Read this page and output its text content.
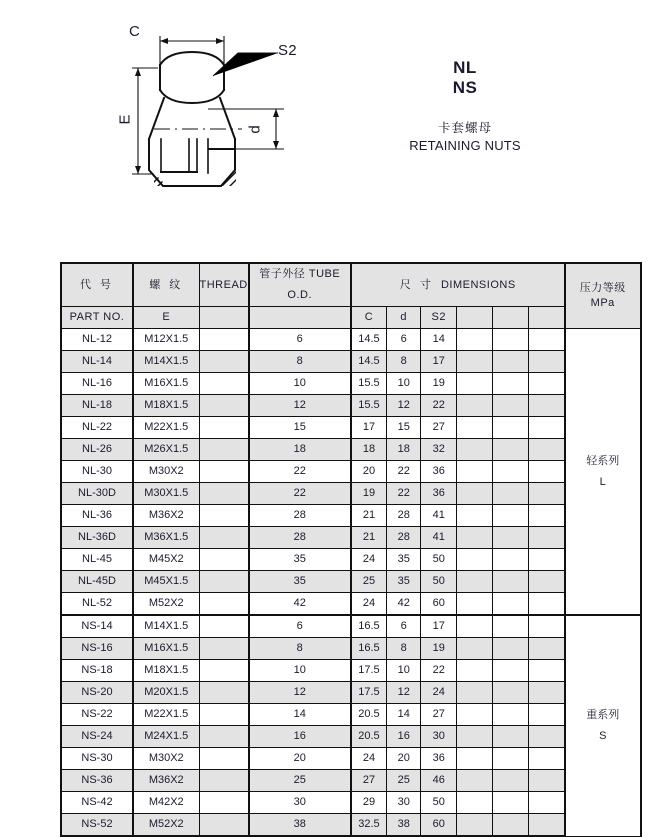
C
S2
E
d
NL
NS
卡套螺母
RETAINING NUTS
代 号	螺 纹	THREAD	管子外径 TUBE O.D.	尺 寸 DIMENSIONS						压力等级
MPa

PART NO.	E			C	d	S2				
NL-12	M12X1.5		6	14.5	6	14				轻系列
L

NL-14	M14X1.5		8	14.5	8	17				
NL-16	M16X1.5		10	15.5	10	19				
NL-18	M18X1.5		12	15.5	12	22				
NL-22	M22X1.5		15	17	15	27				
NL-26	M26X1.5		18	18	18	32				
NL-30	M30X2		22	20	22	36				
NL-30D	M30X1.5		22	19	22	36				
NL-36	M36X2		28	21	28	41				
NL-36D	M36X1.5		28	21	28	41				
NL-45	M45X2		35	24	35	50				
NL-45D	M45X1.5		35	25	35	50				
NL-52	M52X2		42	24	42	60				
NS-14	M14X1.5		6	16.5	6	17				重系列
S

NS-16	M16X1.5		8	16.5	8	19				
NS-18	M18X1.5		10	17.5	10	22				
NS-20	M20X1.5		12	17.5	12	24				
NS-22	M22X1.5		14	20.5	14	27				
NS-24	M24X1.5		16	20.5	16	30				
NS-30	M30X2		20	24	20	36				
NS-36	M36X2		25	27	25	46				
NS-42	M42X2		30	29	30	50				
NS-52	M52X2		38	32.5	38	60				
